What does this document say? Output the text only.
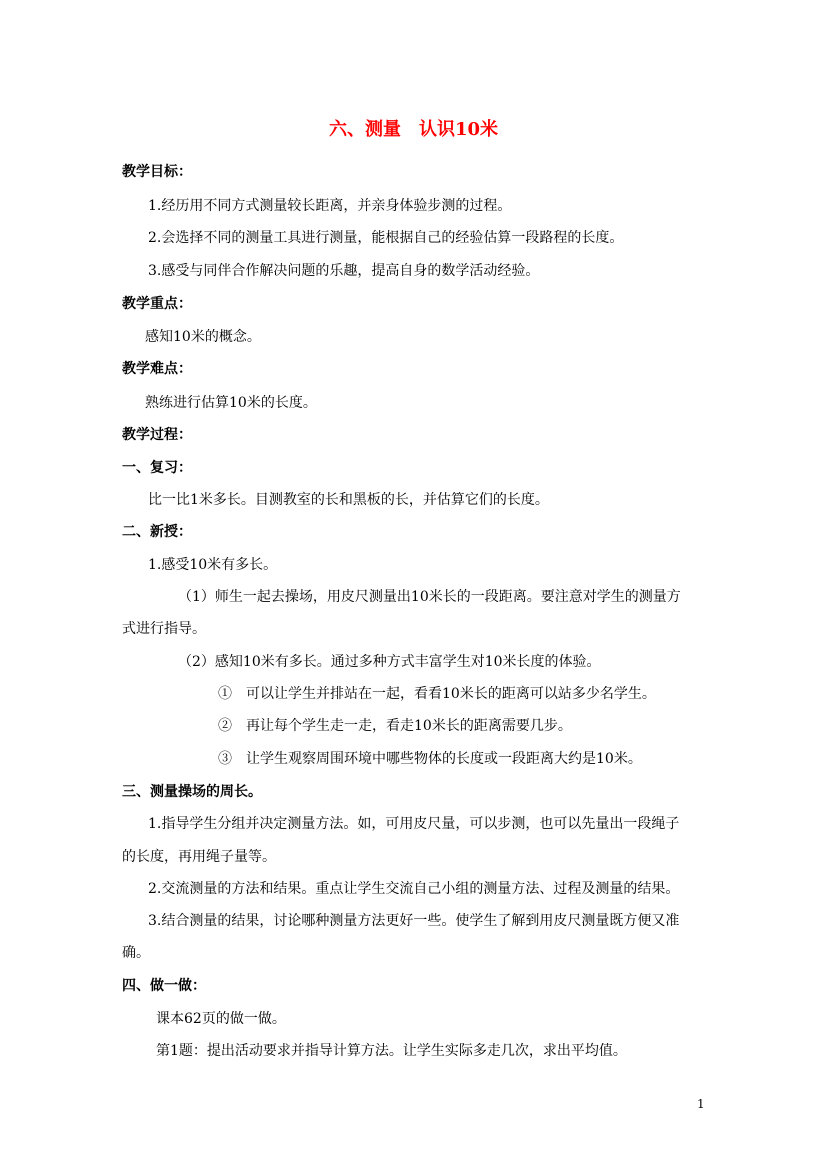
六、测量　认识10米
教学目标：
1.经历用不同方式测量较长距离，并亲身体验步测的过程。
2.会选择不同的测量工具进行测量，能根据自己的经验估算一段路程的长度。
3.感受与同伴合作解决问题的乐趣，提高自身的数学活动经验。
教学重点：
感知10米的概念。
教学难点：
熟练进行估算10米的长度。
教学过程：
一、复习：
比一比1米多长。目测教室的长和黑板的长，并估算它们的长度。
二、新授：
1.感受10米有多长。
（1）师生一起去操场，用皮尺测量出10米长的一段距离。要注意对学生的测量方
式进行指导。
（2）感知10米有多长。通过多种方式丰富学生对10米长度的体验。
①　可以让学生并排站在一起，看看10米长的距离可以站多少名学生。
②　再让每个学生走一走，看走10米长的距离需要几步。
③　让学生观察周围环境中哪些物体的长度或一段距离大约是10米。
三、测量操场的周长。
1.指导学生分组并决定测量方法。如，可用皮尺量，可以步测，也可以先量出一段绳子
的长度，再用绳子量等。
2.交流测量的方法和结果。重点让学生交流自己小组的测量方法、过程及测量的结果。
3.结合测量的结果，讨论哪种测量方法更好一些。使学生了解到用皮尺测量既方便又准
确。
四、做一做：
课本62页的做一做。
第1题：提出活动要求并指导计算方法。让学生实际多走几次，求出平均值。
1
